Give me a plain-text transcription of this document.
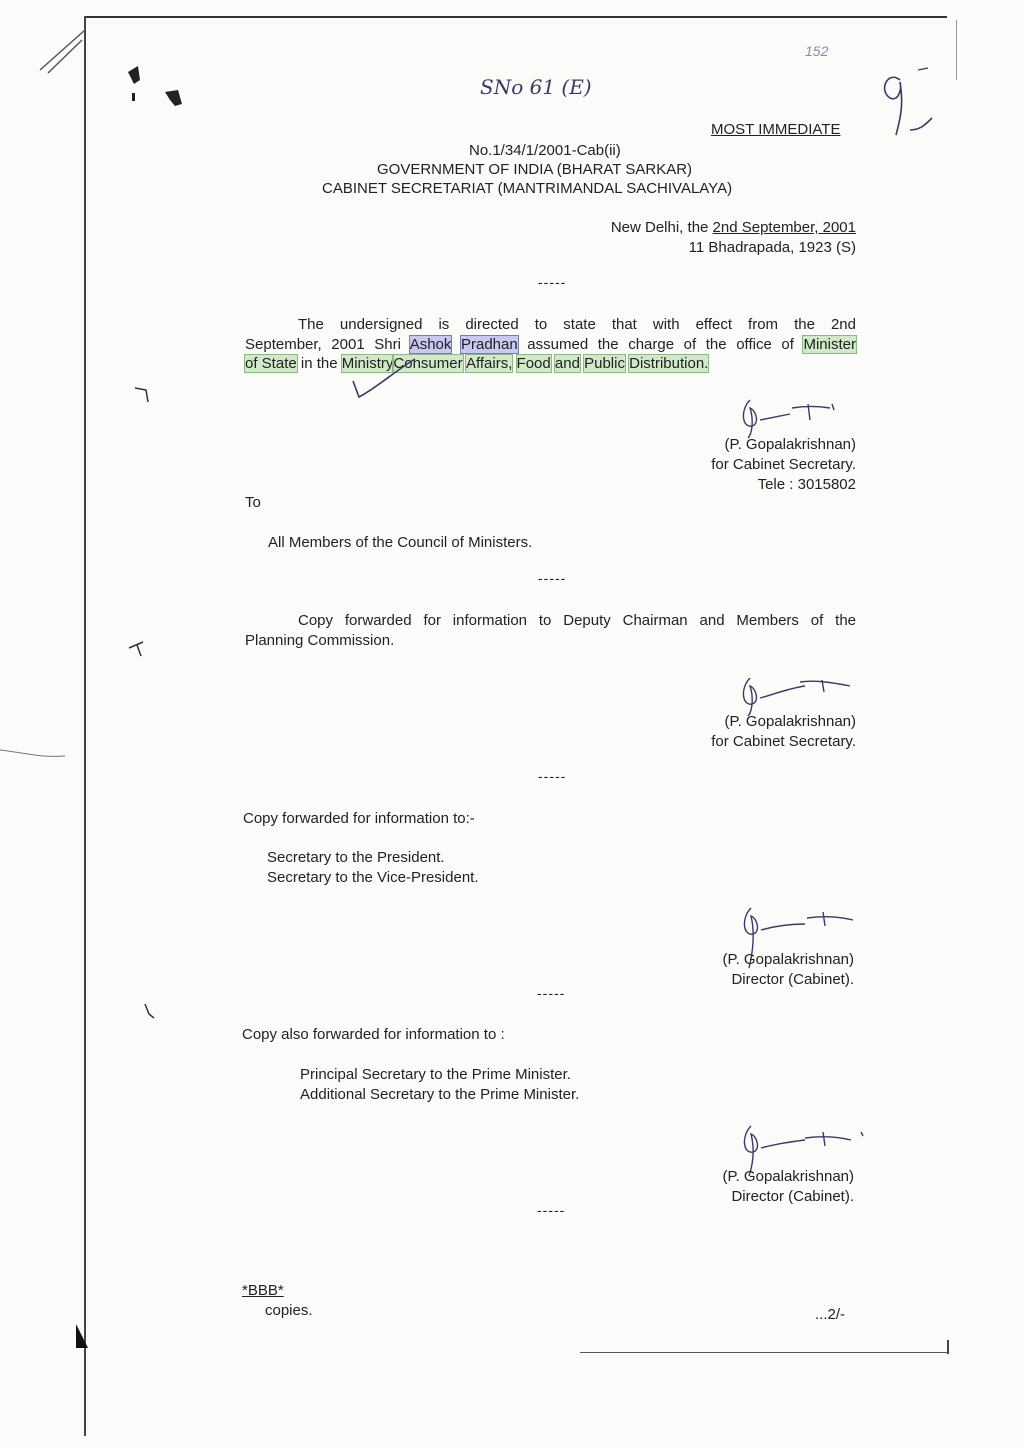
152
SNo 61 (E)
MOST IMMEDIATE
No.1/34/1/2001-Cab(ii)
GOVERNMENT OF INDIA (BHARAT SARKAR)
CABINET SECRETARIAT (MANTRIMANDAL SACHIVALAYA)
New Delhi, the 2nd September, 2001
11 Bhadrapada, 1923 (S)
-----
The undersigned is directed to state that with effect from the 2nd
September, 2001 Shri Ashok Pradhan assumed the charge of the office of Minister
of State in the MinistryConsumer Affairs, Food and Public Distribution.
(P. Gopalakrishnan)
for Cabinet Secretary.
Tele : 3015802
To
All Members of the Council of Ministers.
-----
Copy forwarded for information to Deputy Chairman and Members of the
Planning Commission.
(P. Gopalakrishnan)
for Cabinet Secretary.
-----
Copy forwarded for information to:-
Secretary to the President.
Secretary to the Vice-President.
(P. Gopalakrishnan)
Director (Cabinet).
-----
Copy also forwarded for information to :
Principal Secretary to the Prime Minister.
Additional Secretary to the Prime Minister.
(P. Gopalakrishnan)
Director (Cabinet).
-----
*BBB*
copies.	...2/-
